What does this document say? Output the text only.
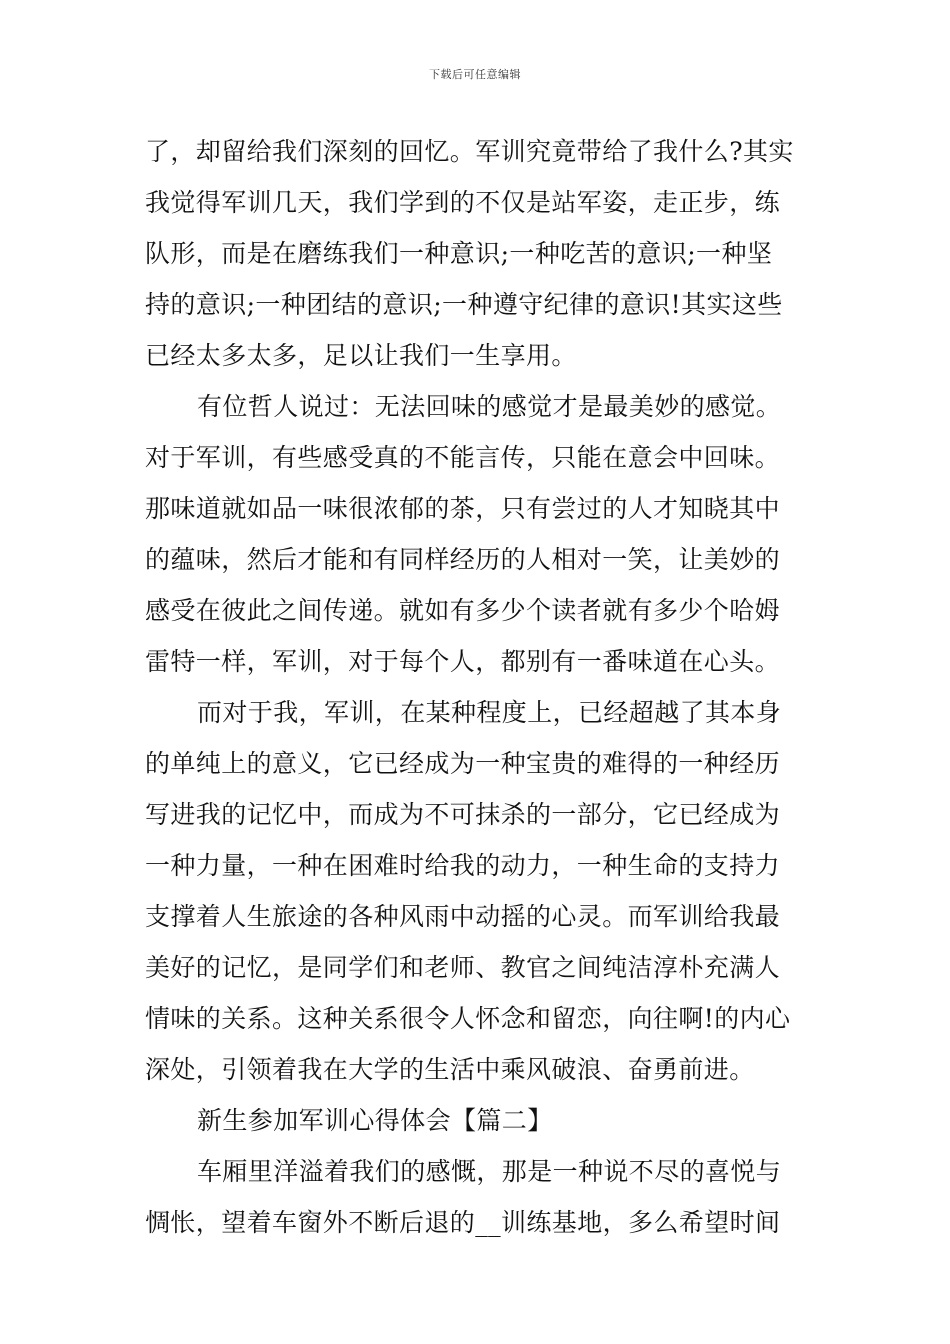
下载后可任意编辑

了，却留给我们深刻的回忆。军训究竟带给了我什么?其实
我觉得军训几天，我们学到的不仅是站军姿，走正步，练
队形，而是在磨练我们一种意识;一种吃苦的意识;一种坚
持的意识;一种团结的意识;一种遵守纪律的意识!其实这些
已经太多太多，足以让我们一生享用。

有位哲人说过：无法回味的感觉才是最美妙的感觉。
对于军训，有些感受真的不能言传，只能在意会中回味。
那味道就如品一味很浓郁的茶，只有尝过的人才知晓其中
的蕴味，然后才能和有同样经历的人相对一笑，让美妙的
感受在彼此之间传递。就如有多少个读者就有多少个哈姆
雷特一样，军训，对于每个人，都别有一番味道在心头。

而对于我，军训，在某种程度上，已经超越了其本身
的单纯上的意义，它已经成为一种宝贵的难得的一种经历
写进我的记忆中，而成为不可抹杀的一部分，它已经成为
一种力量，一种在困难时给我的动力，一种生命的支持力
支撑着人生旅途的各种风雨中动摇的心灵。而军训给我最
美好的记忆，是同学们和老师、教官之间纯洁淳朴充满人
情味的关系。这种关系很令人怀念和留恋，向往啊!的内心
深处，引领着我在大学的生活中乘风破浪、奋勇前进。

新生参加军训心得体会【篇二】

车厢里洋溢着我们的感慨，那是一种说不尽的喜悦与
惆怅，望着车窗外不断后退的__训练基地，多么希望时间
